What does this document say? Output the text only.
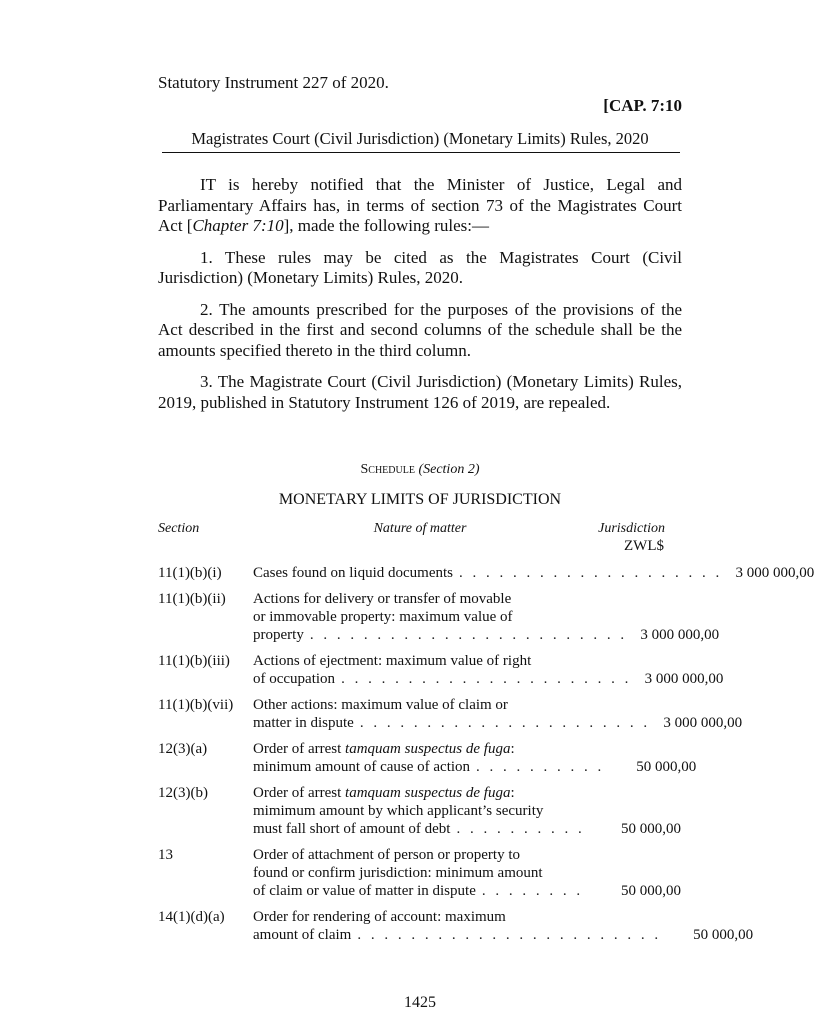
Statutory Instrument 227 of 2020.
[CAP. 7:10
Magistrates Court (Civil Jurisdiction) (Monetary Limits) Rules, 2020

IT is hereby notified that the Minister of Justice, Legal and Parliamentary Affairs has, in terms of section 73 of the Magistrates Court Act [Chapter 7:10], made the following rules:—

1. These rules may be cited as the Magistrates Court (Civil Jurisdiction) (Monetary Limits) Rules, 2020.

2. The amounts prescribed for the purposes of the provisions of the Act described in the first and second columns of the schedule shall be the amounts specified thereto in the third column.

3. The Magistrate Court (Civil Jurisdiction) (Monetary Limits) Rules, 2019, published in Statutory Instrument 126 of 2019, are repealed.

Schedule (Section 2)
MONETARY LIMITS OF JURISDICTION
Section	Nature of matter	Jurisdiction
ZWL$
11(1)(b)(i)	Cases found on liquid documents . . . . . . . . . . . . . . . . . . . . 3 000 000,00
11(1)(b)(ii)	Actions for delivery or transfer of movable
or immovable property: maximum value of
property . . . . . . . . . . . . . . . . . . . . . . . . 3 000 000,00
11(1)(b)(iii)	Actions of ejectment: maximum value of right
of occupation . . . . . . . . . . . . . . . . . . . . . . 3 000 000,00
11(1)(b)(vii)	Other actions: maximum value of claim or
matter in dispute . . . . . . . . . . . . . . . . . . . . . . 3 000 000,00
12(3)(a)	Order of arrest tamquam suspectus de fuga:
minimum amount of cause of action . . . . . . . . . .	50 000,00
12(3)(b)	Order of arrest tamquam suspectus de fuga:
mimimum amount by which applicant’s security
must fall short of amount of debt . . . . . . . . . .	50 000,00
13	Order of attachment of person or property to
found or confirm jurisdiction: minimum amount
of claim or value of matter in dispute . . . . . . . .	50 000,00
14(1)(d)(a)	Order for rendering of account: maximum
amount of claim . . . . . . . . . . . . . . . . . . . . . . .	50 000,00
1425
